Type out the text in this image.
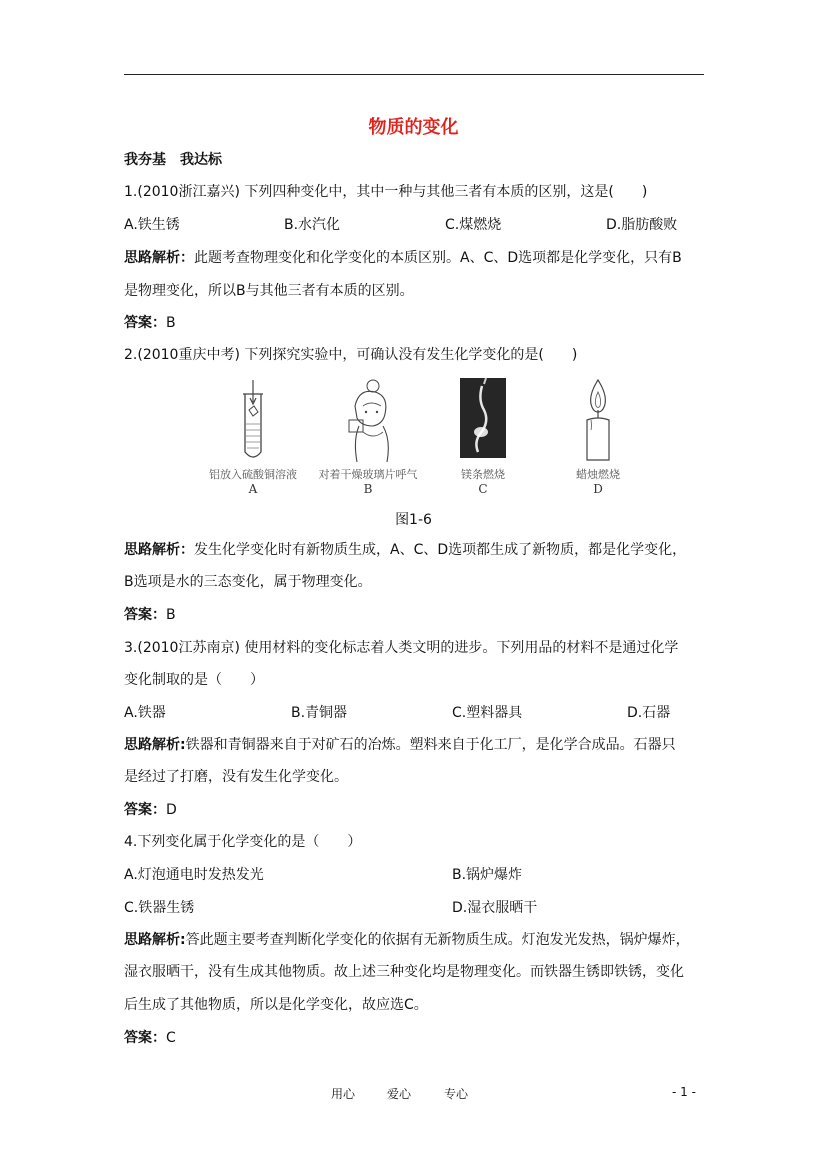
物质的变化
我夯基　我达标
1.(2010浙江嘉兴) 下列四种变化中，其中一种与其他三者有本质的区别，这是(　　)
A.铁生锈	B.水汽化	C.煤燃烧	D.脂肪酸败
思路解析：此题考查物理变化和化学变化的本质区别。A、C、D选项都是化学变化，只有B
是物理变化，所以B与其他三者有本质的区别。
答案：B
2.(2010重庆中考) 下列探究实验中，可确认没有发生化学变化的是(　　)
铝放入硫酸铜溶液
A
对着干燥玻璃片呼气
B
镁条燃烧
C
蜡烛燃烧
D
图1-6
思路解析：发生化学变化时有新物质生成，A、C、D选项都生成了新物质，都是化学变化，
B选项是水的三态变化，属于物理变化。
答案：B
3.(2010江苏南京) 使用材料的变化标志着人类文明的进步。下列用品的材料不是通过化学
变化制取的是（　　）
A.铁器	B.青铜器	C.塑料器具	D.石器
思路解析:铁器和青铜器来自于对矿石的冶炼。塑料来自于化工厂，是化学合成品。石器只
是经过了打磨，没有发生化学变化。
答案：D
4.下列变化属于化学变化的是（　　）
A.灯泡通电时发热发光	B.锅炉爆炸
C.铁器生锈	D.湿衣服晒干
思路解析:答此题主要考查判断化学变化的依据有无新物质生成。灯泡发光发热，锅炉爆炸，
湿衣服晒干，没有生成其他物质。故上述三种变化均是物理变化。而铁器生锈即铁锈，变化
后生成了其他物质，所以是化学变化，故应选C。
答案：C
用心	爱心	专心	- 1 -
